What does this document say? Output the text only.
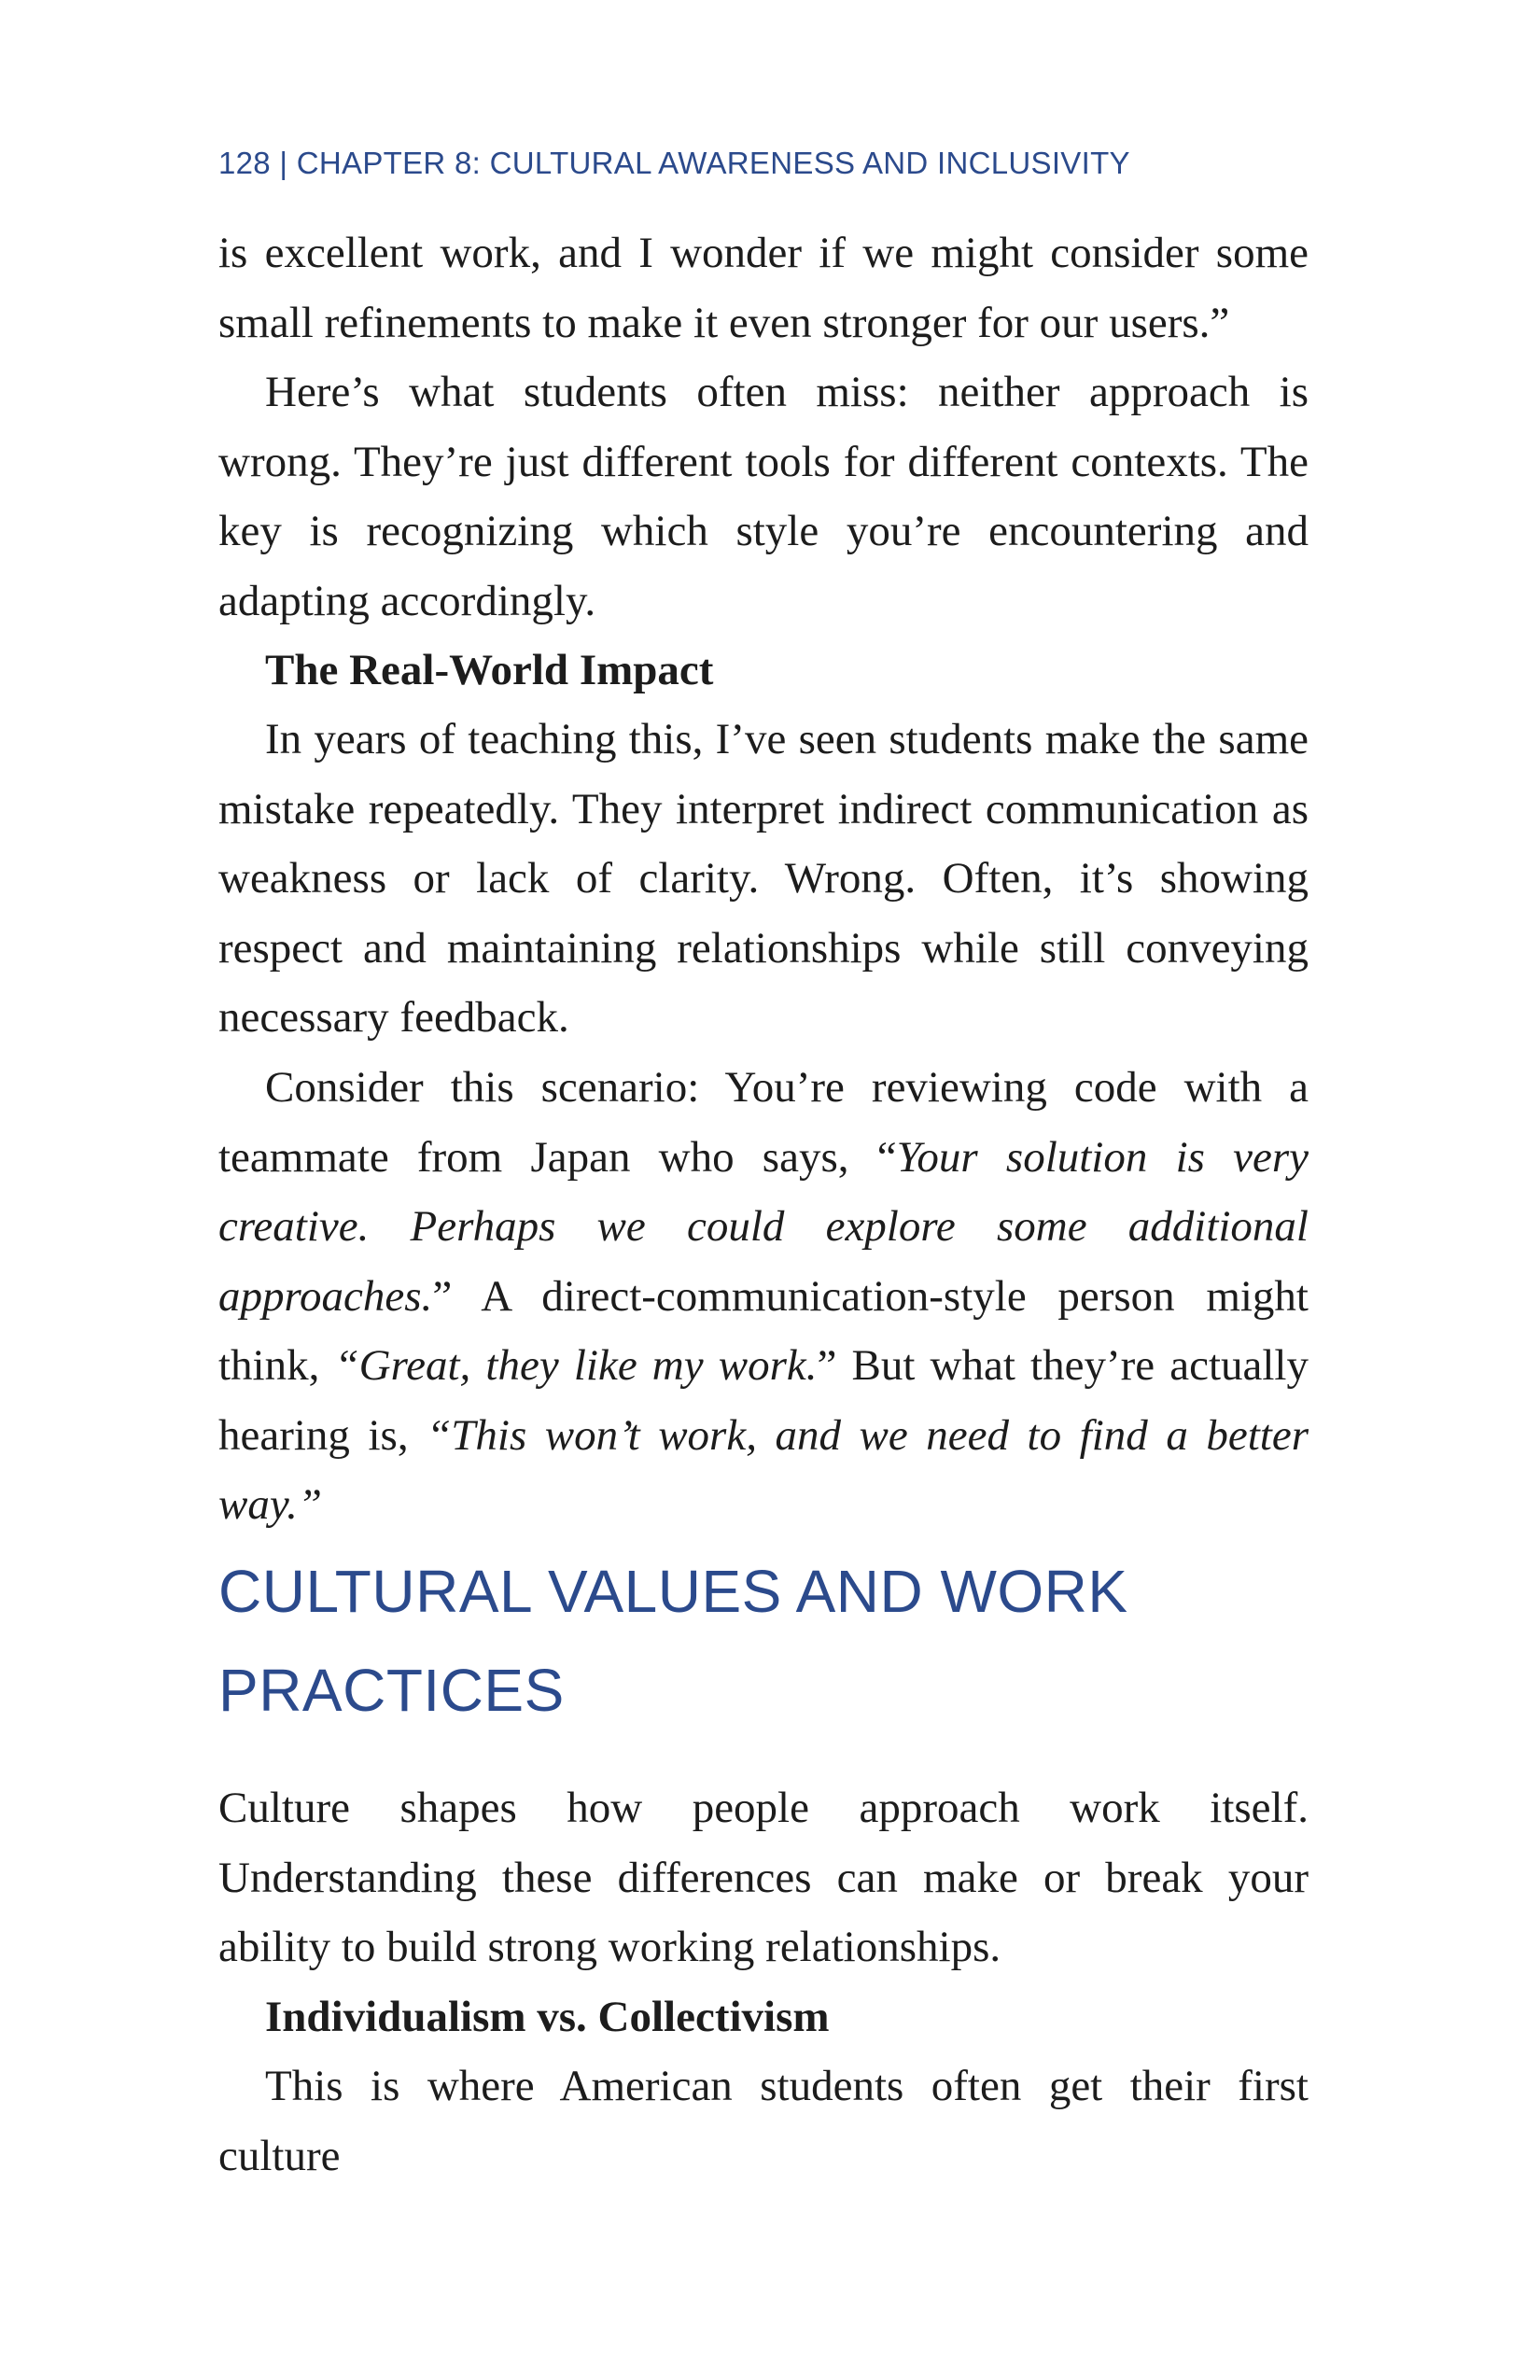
128 | CHAPTER 8: CULTURAL AWARENESS AND INCLUSIVITY

is excellent work, and I wonder if we might consider some small refinements to make it even stronger for our users.”

Here’s what students often miss: neither approach is wrong. They’re just different tools for different contexts. The key is recognizing which style you’re encountering and adapting accordingly.

The Real-World Impact

In years of teaching this, I’ve seen students make the same mistake repeatedly. They interpret indirect communication as weakness or lack of clarity. Wrong. Often, it’s showing respect and maintaining relationships while still conveying necessary feedback.

Consider this scenario: You’re reviewing code with a teammate from Japan who says, “Your solution is very creative. Perhaps we could explore some additional approaches.” A direct-communication-style person might think, “Great, they like my work.” But what they’re actually hearing is, “This won’t work, and we need to find a better way.”

CULTURAL VALUES AND WORK
PRACTICES

Culture shapes how people approach work itself. Understanding these differences can make or break your ability to build strong working relationships.

Individualism vs. Collectivism

This is where American students often get their first culture
